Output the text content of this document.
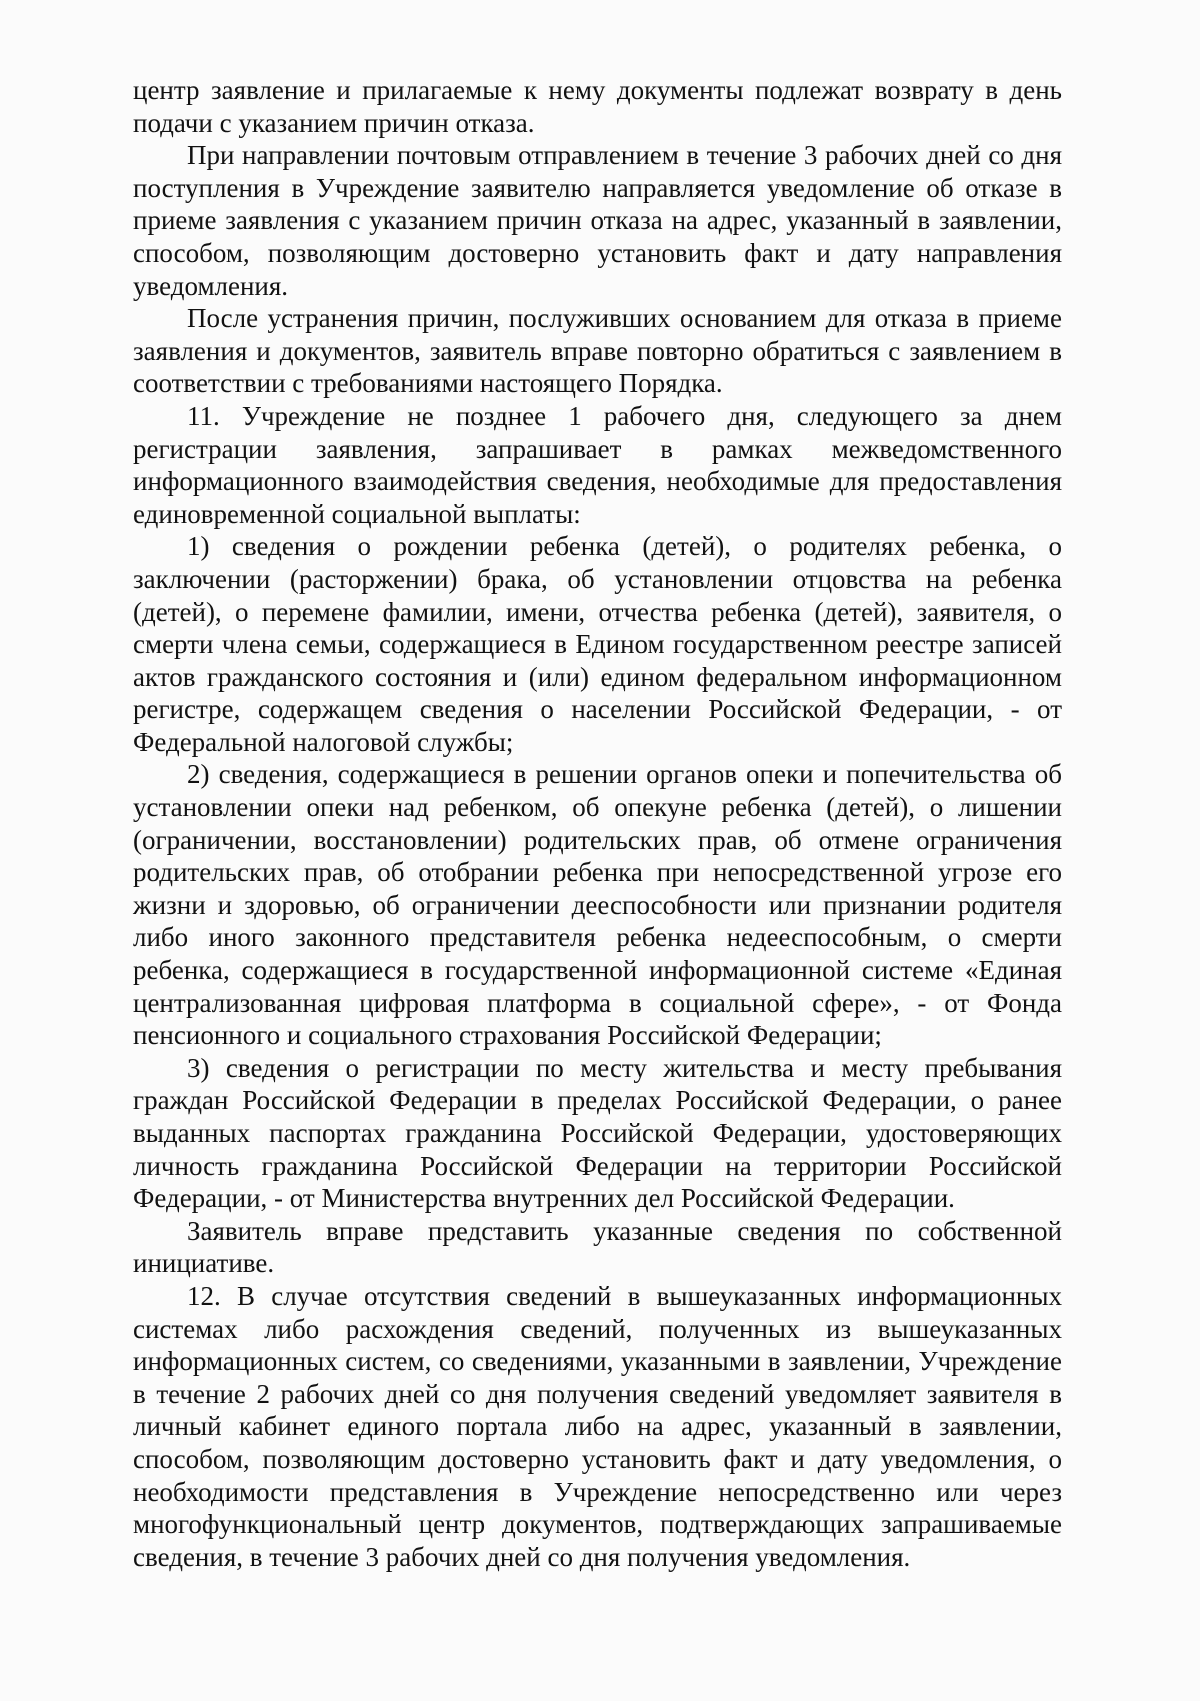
центр заявление и прилагаемые к нему документы подлежат возврату в день подачи с указанием причин отказа.

При направлении почтовым отправлением в течение 3 рабочих дней со дня поступления в Учреждение заявителю направляется уведомление об отказе в приеме заявления с указанием причин отказа на адрес, указанный в заявлении, способом, позволяющим достоверно установить факт и дату направления уведомления.

После устранения причин, послуживших основанием для отказа в приеме заявления и документов, заявитель вправе повторно обратиться с заявлением в соответствии с требованиями настоящего Порядка.

11. Учреждение не позднее 1 рабочего дня, следующего за днем регистрации заявления, запрашивает в рамках межведомственного информационного взаимодействия сведения, необходимые для предоставления единовременной социальной выплаты:

1) сведения о рождении ребенка (детей), о родителях ребенка, о заключении (расторжении) брака, об установлении отцовства на ребенка (детей), о перемене фамилии, имени, отчества ребенка (детей), заявителя, о смерти члена семьи, содержащиеся в Едином государственном реестре записей актов гражданского состояния и (или) едином федеральном информационном регистре, содержащем сведения о населении Российской Федерации, - от Федеральной налоговой службы;

2) сведения, содержащиеся в решении органов опеки и попечительства об установлении опеки над ребенком, об опекуне ребенка (детей), о лишении (ограничении, восстановлении) родительских прав, об отмене ограничения родительских прав, об отобрании ребенка при непосредственной угрозе его жизни и здоровью, об ограничении дееспособности или признании родителя либо иного законного представителя ребенка недееспособным, о смерти ребенка, содержащиеся в государственной информационной системе «Единая централизованная цифровая платформа в социальной сфере», - от Фонда пенсионного и социального страхования Российской Федерации;

3) сведения о регистрации по месту жительства и месту пребывания граждан Российской Федерации в пределах Российской Федерации, о ранее выданных паспортах гражданина Российской Федерации, удостоверяющих личность гражданина Российской Федерации на территории Российской Федерации, - от Министерства внутренних дел Российской Федерации.

Заявитель вправе представить указанные сведения по собственной инициативе.

12. В случае отсутствия сведений в вышеуказанных информационных системах либо расхождения сведений, полученных из вышеуказанных информационных систем, со сведениями, указанными в заявлении, Учреждение в течение 2 рабочих дней со дня получения сведений уведомляет заявителя в личный кабинет единого портала либо на адрес, указанный в заявлении, способом, позволяющим достоверно установить факт и дату уведомления, о необходимости представления в Учреждение непосредственно или через многофункциональный центр документов, подтверждающих запрашиваемые сведения, в течение 3 рабочих дней со дня получения уведомления.
